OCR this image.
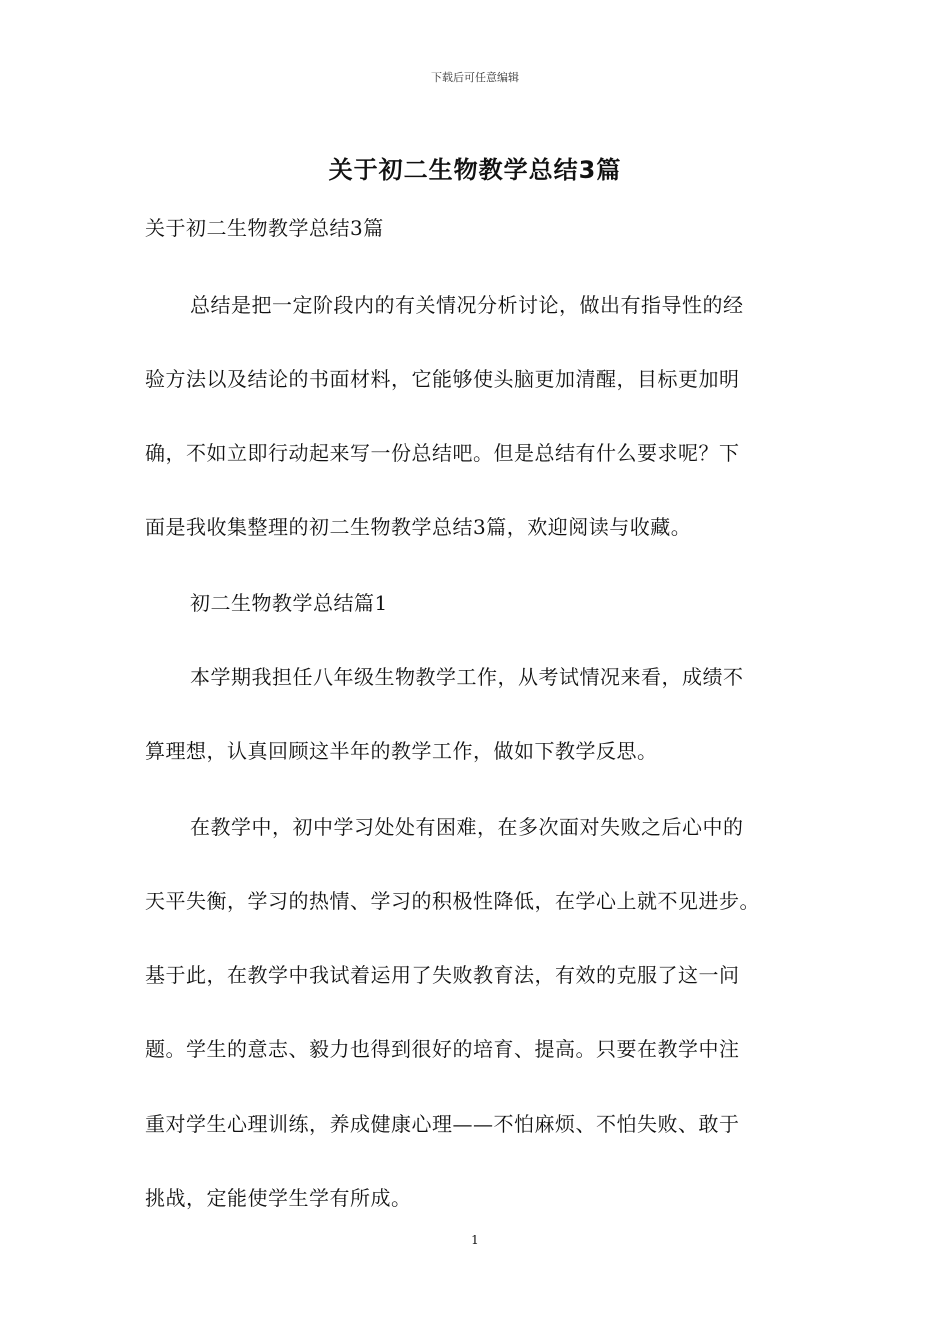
下载后可任意编辑
关于初二生物教学总结3篇
关于初二生物教学总结3篇
总结是把一定阶段内的有关情况分析讨论，做出有指导性的经
验方法以及结论的书面材料，它能够使头脑更加清醒，目标更加明
确，不如立即行动起来写一份总结吧。但是总结有什么要求呢？下
面是我收集整理的初二生物教学总结3篇，欢迎阅读与收藏。
初二生物教学总结篇1
本学期我担任八年级生物教学工作，从考试情况来看，成绩不
算理想，认真回顾这半年的教学工作，做如下教学反思。
在教学中，初中学习处处有困难，在多次面对失败之后心中的
天平失衡，学习的热情、学习的积极性降低，在学心上就不见进步。
基于此，在教学中我试着运用了失败教育法，有效的克服了这一问
题。学生的意志、毅力也得到很好的培育、提高。只要在教学中注
重对学生心理训练，养成健康心理——不怕麻烦、不怕失败、敢于
挑战，定能使学生学有所成。
1
